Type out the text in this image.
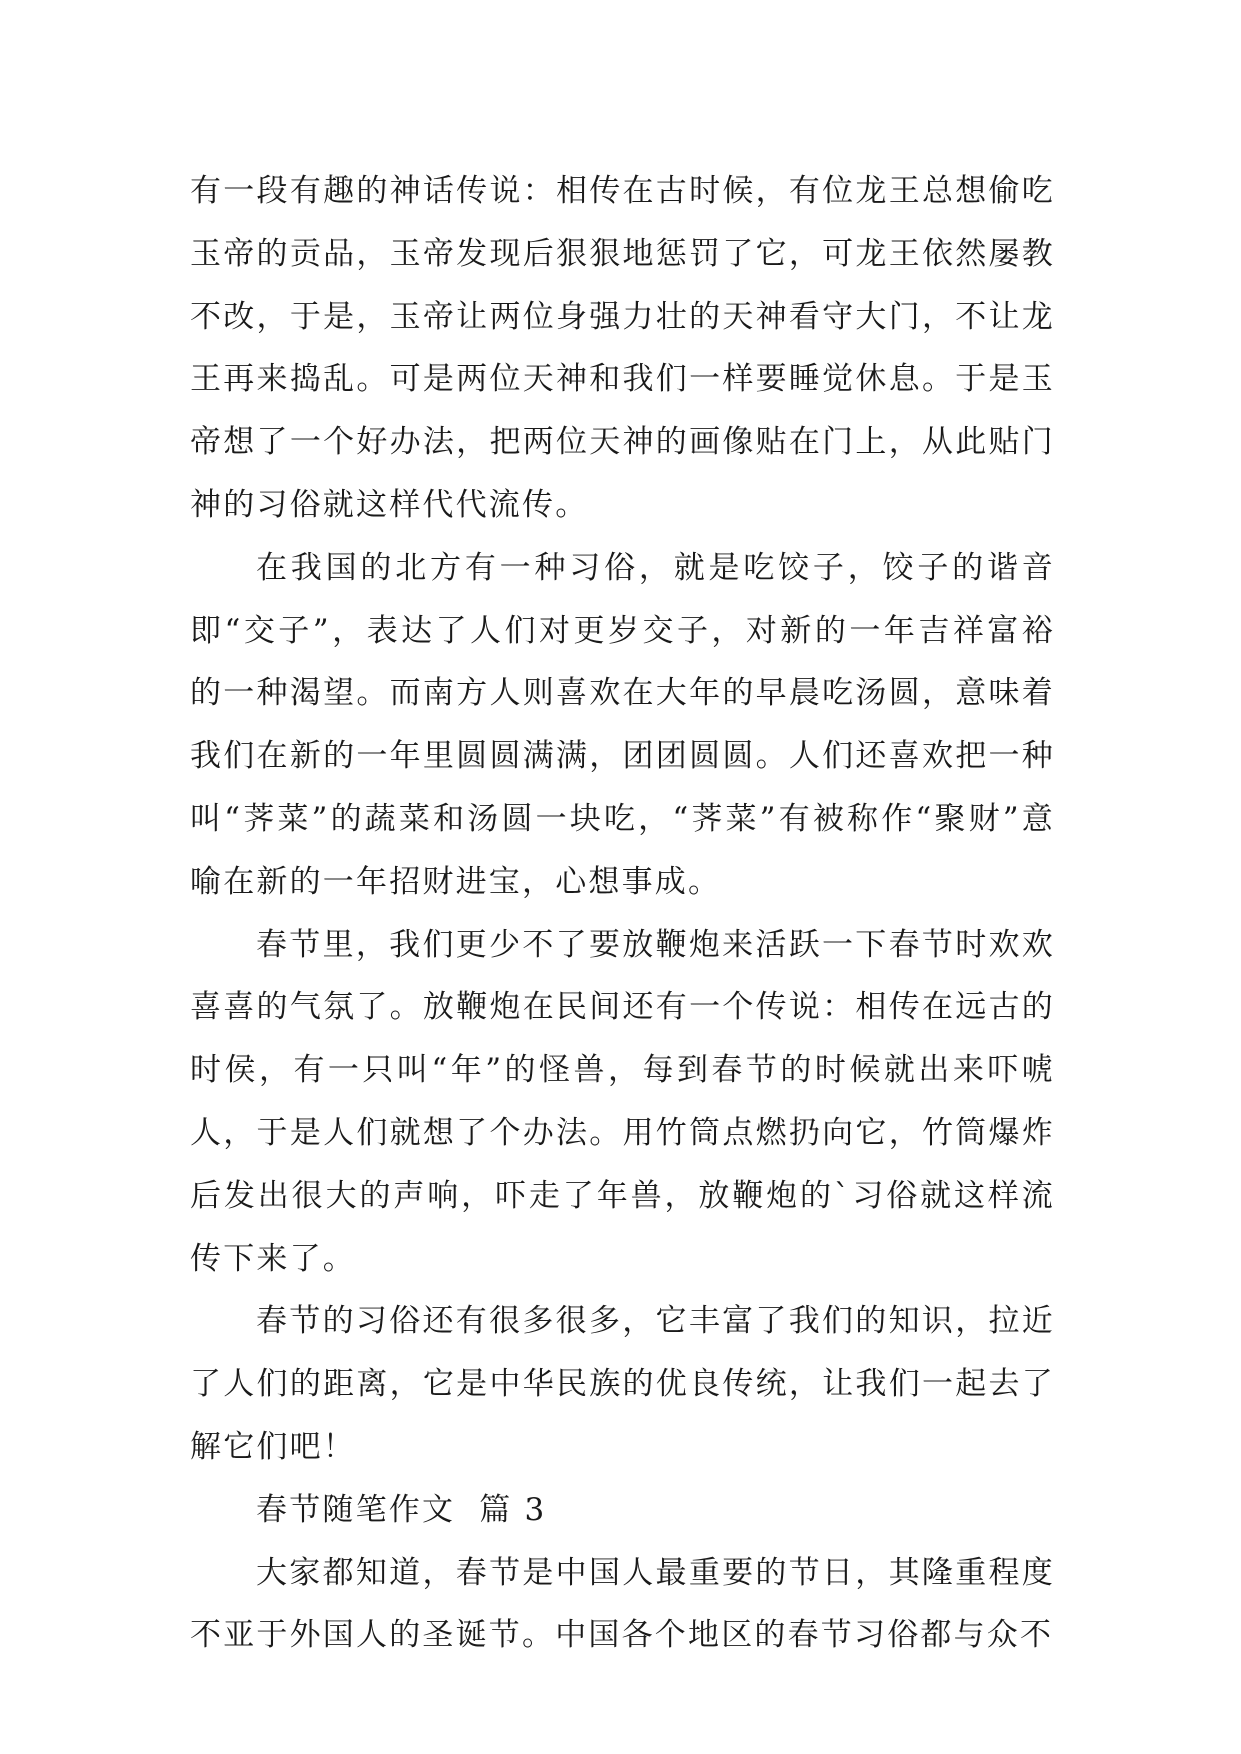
有一段有趣的神话传说：相传在古时候，有位龙王总想偷吃玉帝的贡品，玉帝发现后狠狠地惩罚了它，可龙王依然屡教不改，于是，玉帝让两位身强力壮的天神看守大门，不让龙王再来捣乱。可是两位天神和我们一样要睡觉休息。于是玉帝想了一个好办法，把两位天神的画像贴在门上，从此贴门神的习俗就这样代代流传。

在我国的北方有一种习俗，就是吃饺子，饺子的谐音即“交子”，表达了人们对更岁交子，对新的一年吉祥富裕的一种渴望。而南方人则喜欢在大年的早晨吃汤圆，意味着我们在新的一年里圆圆满满，团团圆圆。人们还喜欢把一种叫“荠菜”的蔬菜和汤圆一块吃，“荠菜”有被称作“聚财”意喻在新的一年招财进宝，心想事成。

春节里，我们更少不了要放鞭炮来活跃一下春节时欢欢喜喜的气氛了。放鞭炮在民间还有一个传说：相传在远古的时侯，有一只叫“年”的怪兽，每到春节的时候就出来吓唬人，于是人们就想了个办法。用竹筒点燃扔向它，竹筒爆炸后发出很大的声响，吓走了年兽，放鞭炮的`习俗就这样流传下来了。

春节的习俗还有很多很多，它丰富了我们的知识，拉近了人们的距离，它是中华民族的优良传统，让我们一起去了解它们吧！

春节随笔作文  篇 3

大家都知道，春节是中国人最重要的节日，其隆重程度不亚于外国人的圣诞节。中国各个地区的春节习俗都与众不
